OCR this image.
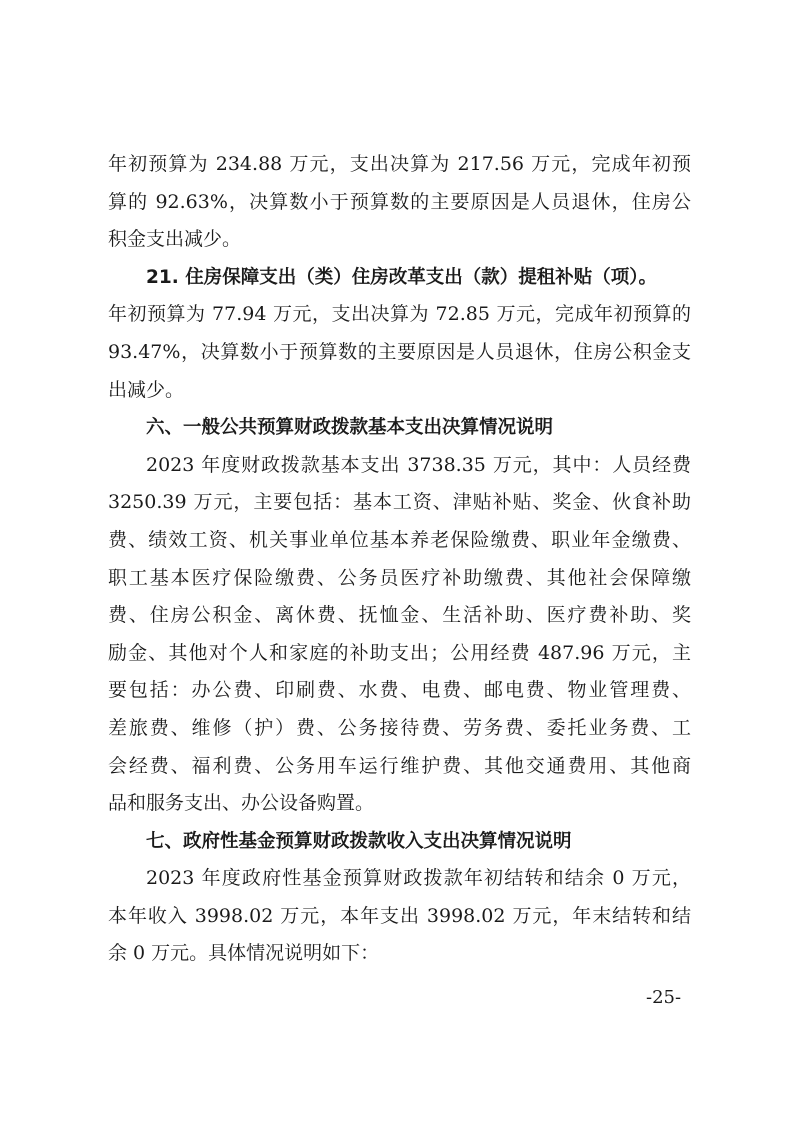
年初预算为 234.88 万元，支出决算为 217.56 万元，完成年初预
算的 92.63%，决算数小于预算数的主要原因是人员退休，住房公
积金支出减少。
21. 住房保障支出（类）住房改革支出（款）提租补贴（项）。
年初预算为 77.94 万元，支出决算为 72.85 万元，完成年初预算的
93.47%，决算数小于预算数的主要原因是人员退休，住房公积金支
出减少。
六、一般公共预算财政拨款基本支出决算情况说明
2023 年度财政拨款基本支出 3738.35 万元，其中：人员经费
3250.39 万元，主要包括：基本工资、津贴补贴、奖金、伙食补助
费、绩效工资、机关事业单位基本养老保险缴费、职业年金缴费、
职工基本医疗保险缴费、公务员医疗补助缴费、其他社会保障缴
费、住房公积金、离休费、抚恤金、生活补助、医疗费补助、奖
励金、其他对个人和家庭的补助支出；公用经费 487.96 万元，主
要包括：办公费、印刷费、水费、电费、邮电费、物业管理费、
差旅费、维修（护）费、公务接待费、劳务费、委托业务费、工
会经费、福利费、公务用车运行维护费、其他交通费用、其他商
品和服务支出、办公设备购置。
七、政府性基金预算财政拨款收入支出决算情况说明
2023 年度政府性基金预算财政拨款年初结转和结余 0 万元，
本年收入 3998.02 万元，本年支出 3998.02 万元，年末结转和结
余 0 万元。具体情况说明如下：
-25-
